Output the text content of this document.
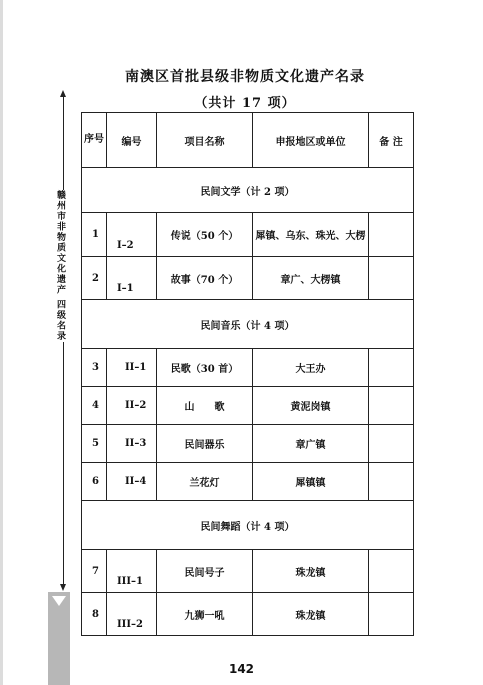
赣州市非物质文化遗产 四级名录
南澳区首批县级非物质文化遗产名录
（共计 17 项）
序号	编号	项目名称	申报地区或单位	备 注
民间文学（计 2 项）				
1	I–2	传说（50 个）	犀镇、乌东、珠光、大楞	
2	I–1	故事（70 个）	章广、大楞镇	
民间音乐（计 4 项）				
3	II–1	民歌（30 首）	大王办	
4	II–2	山　　歌	黄泥岗镇	
5	II–3	民间器乐	章广镇	
6	II–4	兰花灯	犀镇镇	
民间舞蹈（计 4 项）				
7	III–1	民间号子	珠龙镇	
8	III–2	九狮一吼	珠龙镇	
142
